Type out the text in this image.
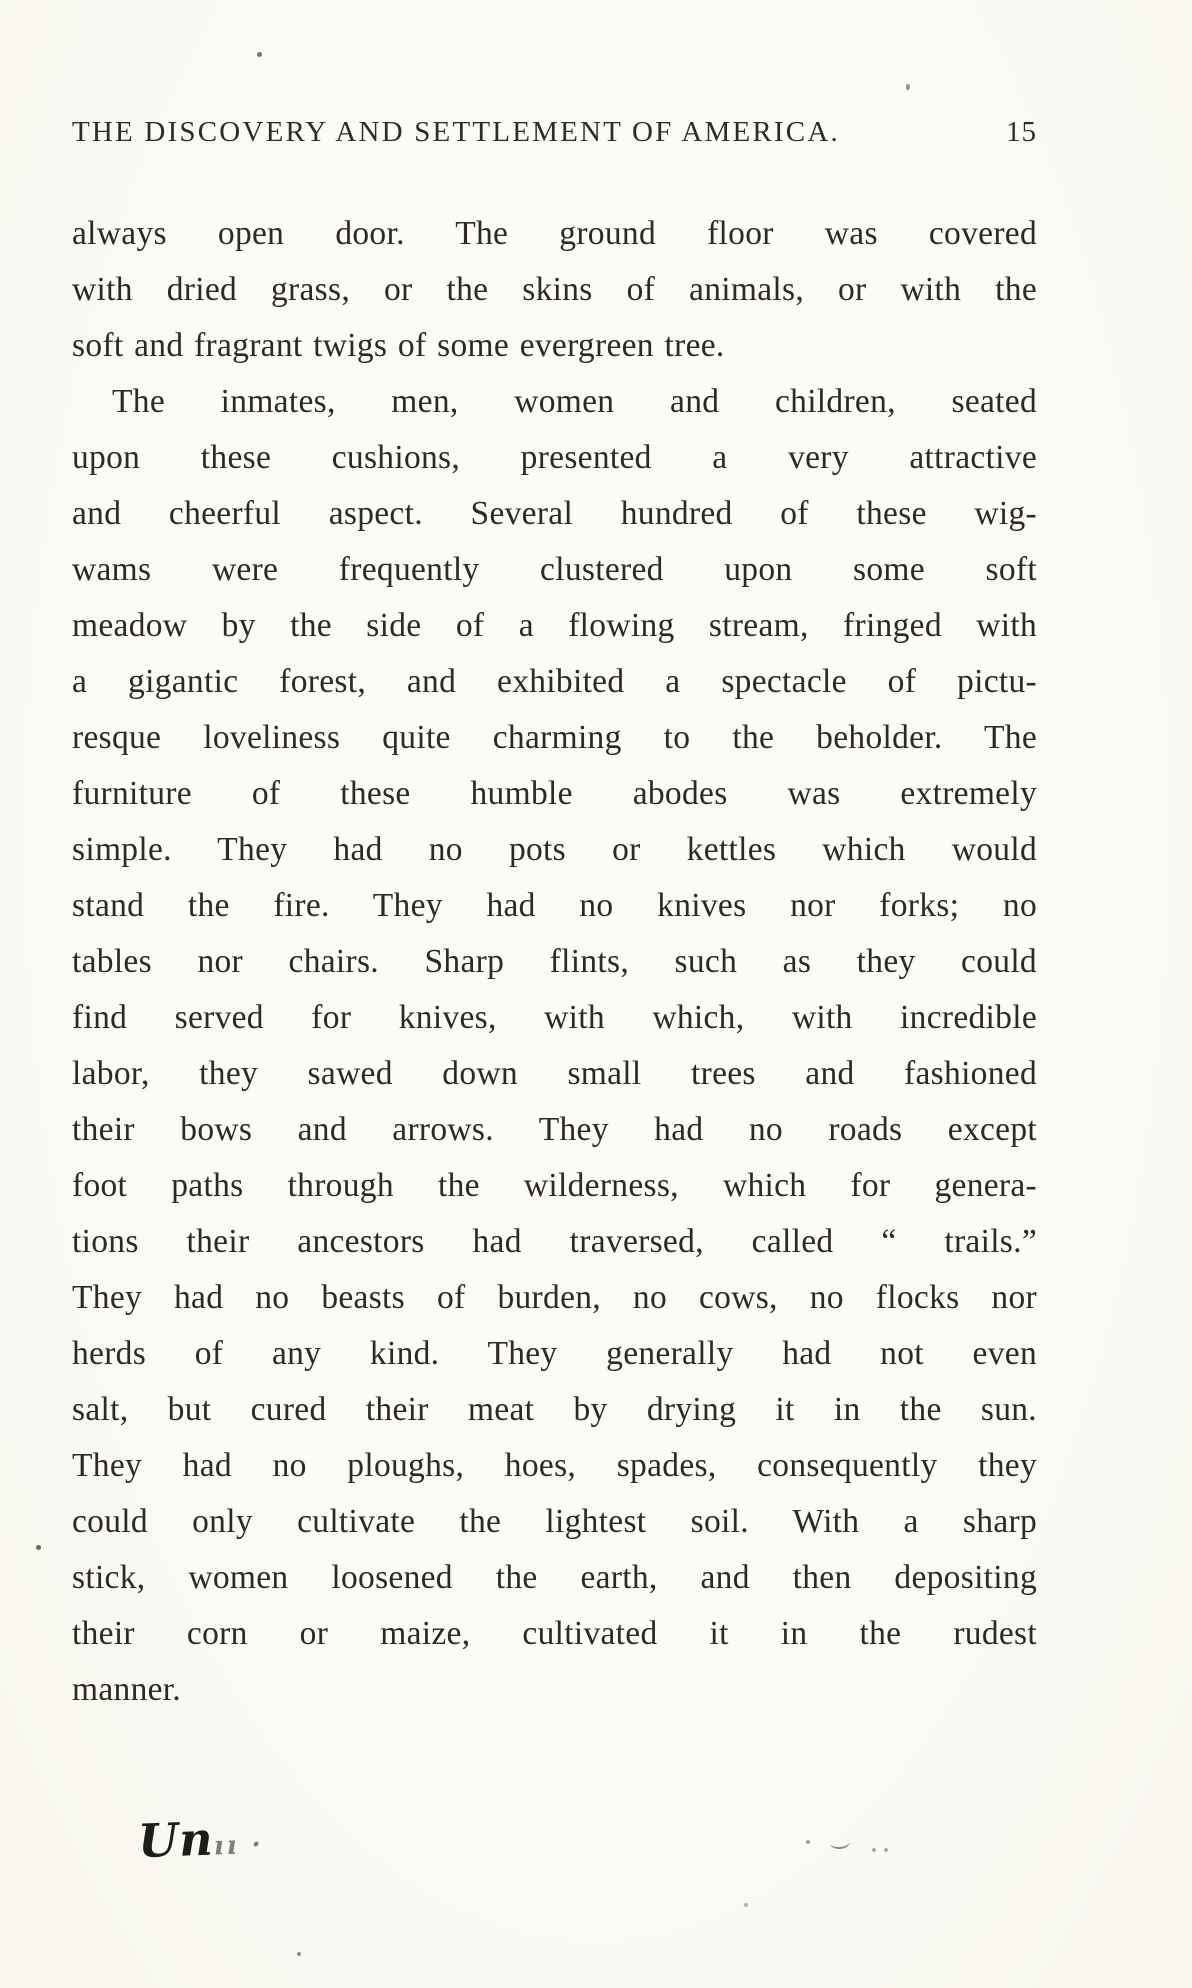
THE DISCOVERY AND SETTLEMENT OF AMERICA.	15
always open door. The ground floor was covered
with dried grass, or the skins of animals, or with the
soft and fragrant twigs of some evergreen tree.
The inmates, men, women and children, seated
upon these cushions, presented a very attractive
and cheerful aspect. Several hundred of these wig-
wams were frequently clustered upon some soft
meadow by the side of a flowing stream, fringed with
a gigantic forest, and exhibited a spectacle of pictu-
resque loveliness quite charming to the beholder. The
furniture of these humble abodes was extremely
simple. They had no pots or kettles which would
stand the fire. They had no knives nor forks; no
tables nor chairs. Sharp flints, such as they could
find served for knives, with which, with incredible
labor, they sawed down small trees and fashioned
their bows and arrows. They had no roads except
foot paths through the wilderness, which for genera-
tions their ancestors had traversed, called “ trails.”
They had no beasts of burden, no cows, no flocks nor
herds of any kind. They generally had not even
salt, but cured their meat by drying it in the sun.
They had no ploughs, hoes, spades, consequently they
could only cultivate the lightest soil. With a sharp
stick, women loosened the earth, and then depositing
their corn or maize, cultivated it in the rudest
manner.
Unıı ·
